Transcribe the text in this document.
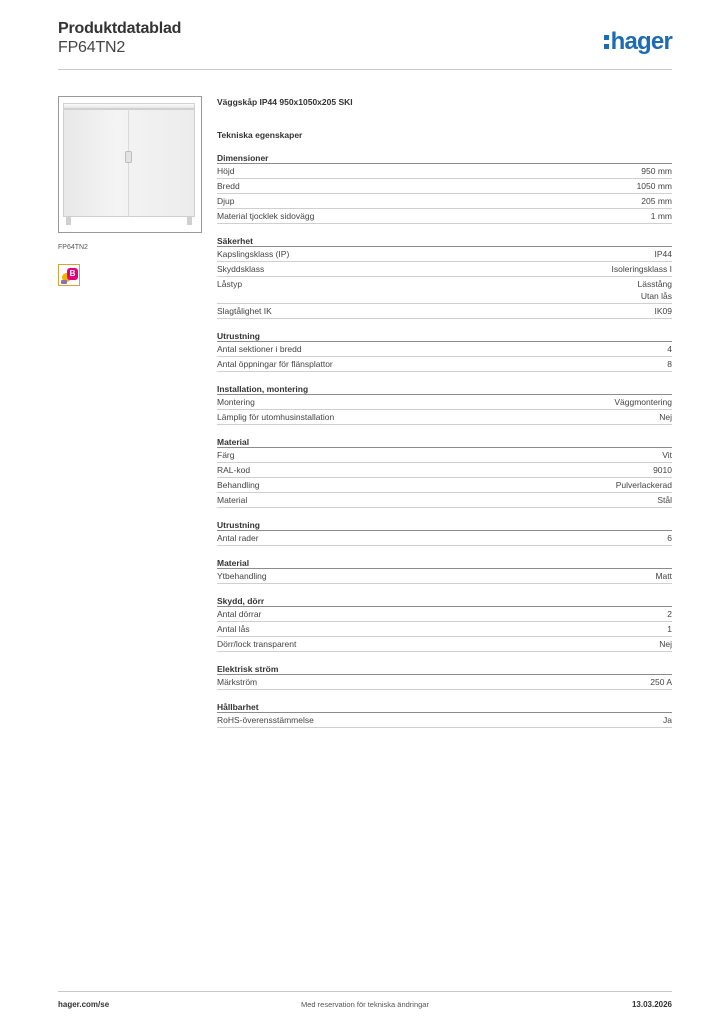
Produktdatablad
FP64TN2	hager
FP64TN2
B
Väggskåp IP44 950x1050x205 SKI
Tekniska egenskaper
Dimensioner
Höjd	950 mm
Bredd	1050 mm
Djup	205 mm
Material tjocklek sidovägg	1 mm
Säkerhet
Kapslingsklass (IP)	IP44
Skyddsklass	Isoleringsklass I
Låstyp	Lässtång
Utan lås
Slagtålighet IK	IK09
Utrustning
Antal sektioner i bredd	4
Antal öppningar för flänsplattor	8
Installation, montering
Montering	Väggmontering
Lämplig för utomhusinstallation	Nej
Material
Färg	Vit
RAL-kod	9010
Behandling	Pulverlackerad
Material	Stål
Utrustning
Antal rader	6
Material
Ytbehandling	Matt
Skydd, dörr
Antal dörrar	2
Antal lås	1
Dörr/lock transparent	Nej
Elektrisk ström
Märkström	250 A
Hållbarhet
RoHS-överensstämmelse	Ja
hager.com/se	Med reservation för tekniska ändringar	13.03.2026
